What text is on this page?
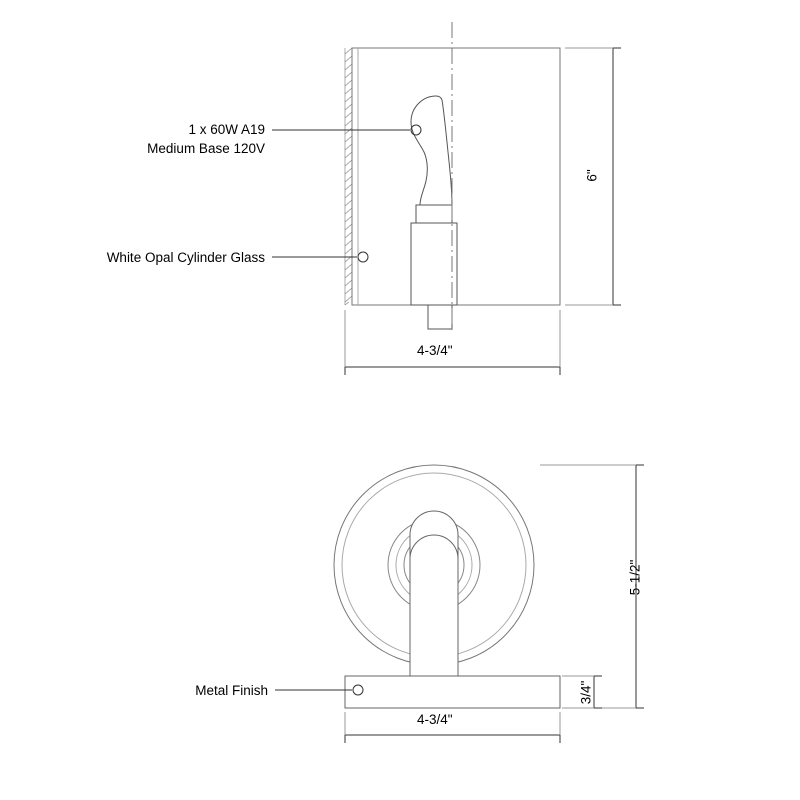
1 x 60W A19
Medium Base 120V
White Opal Cylinder Glass
Metal Finish
6"
4-3/4"
5-1/2"
3/4"
4-3/4"
